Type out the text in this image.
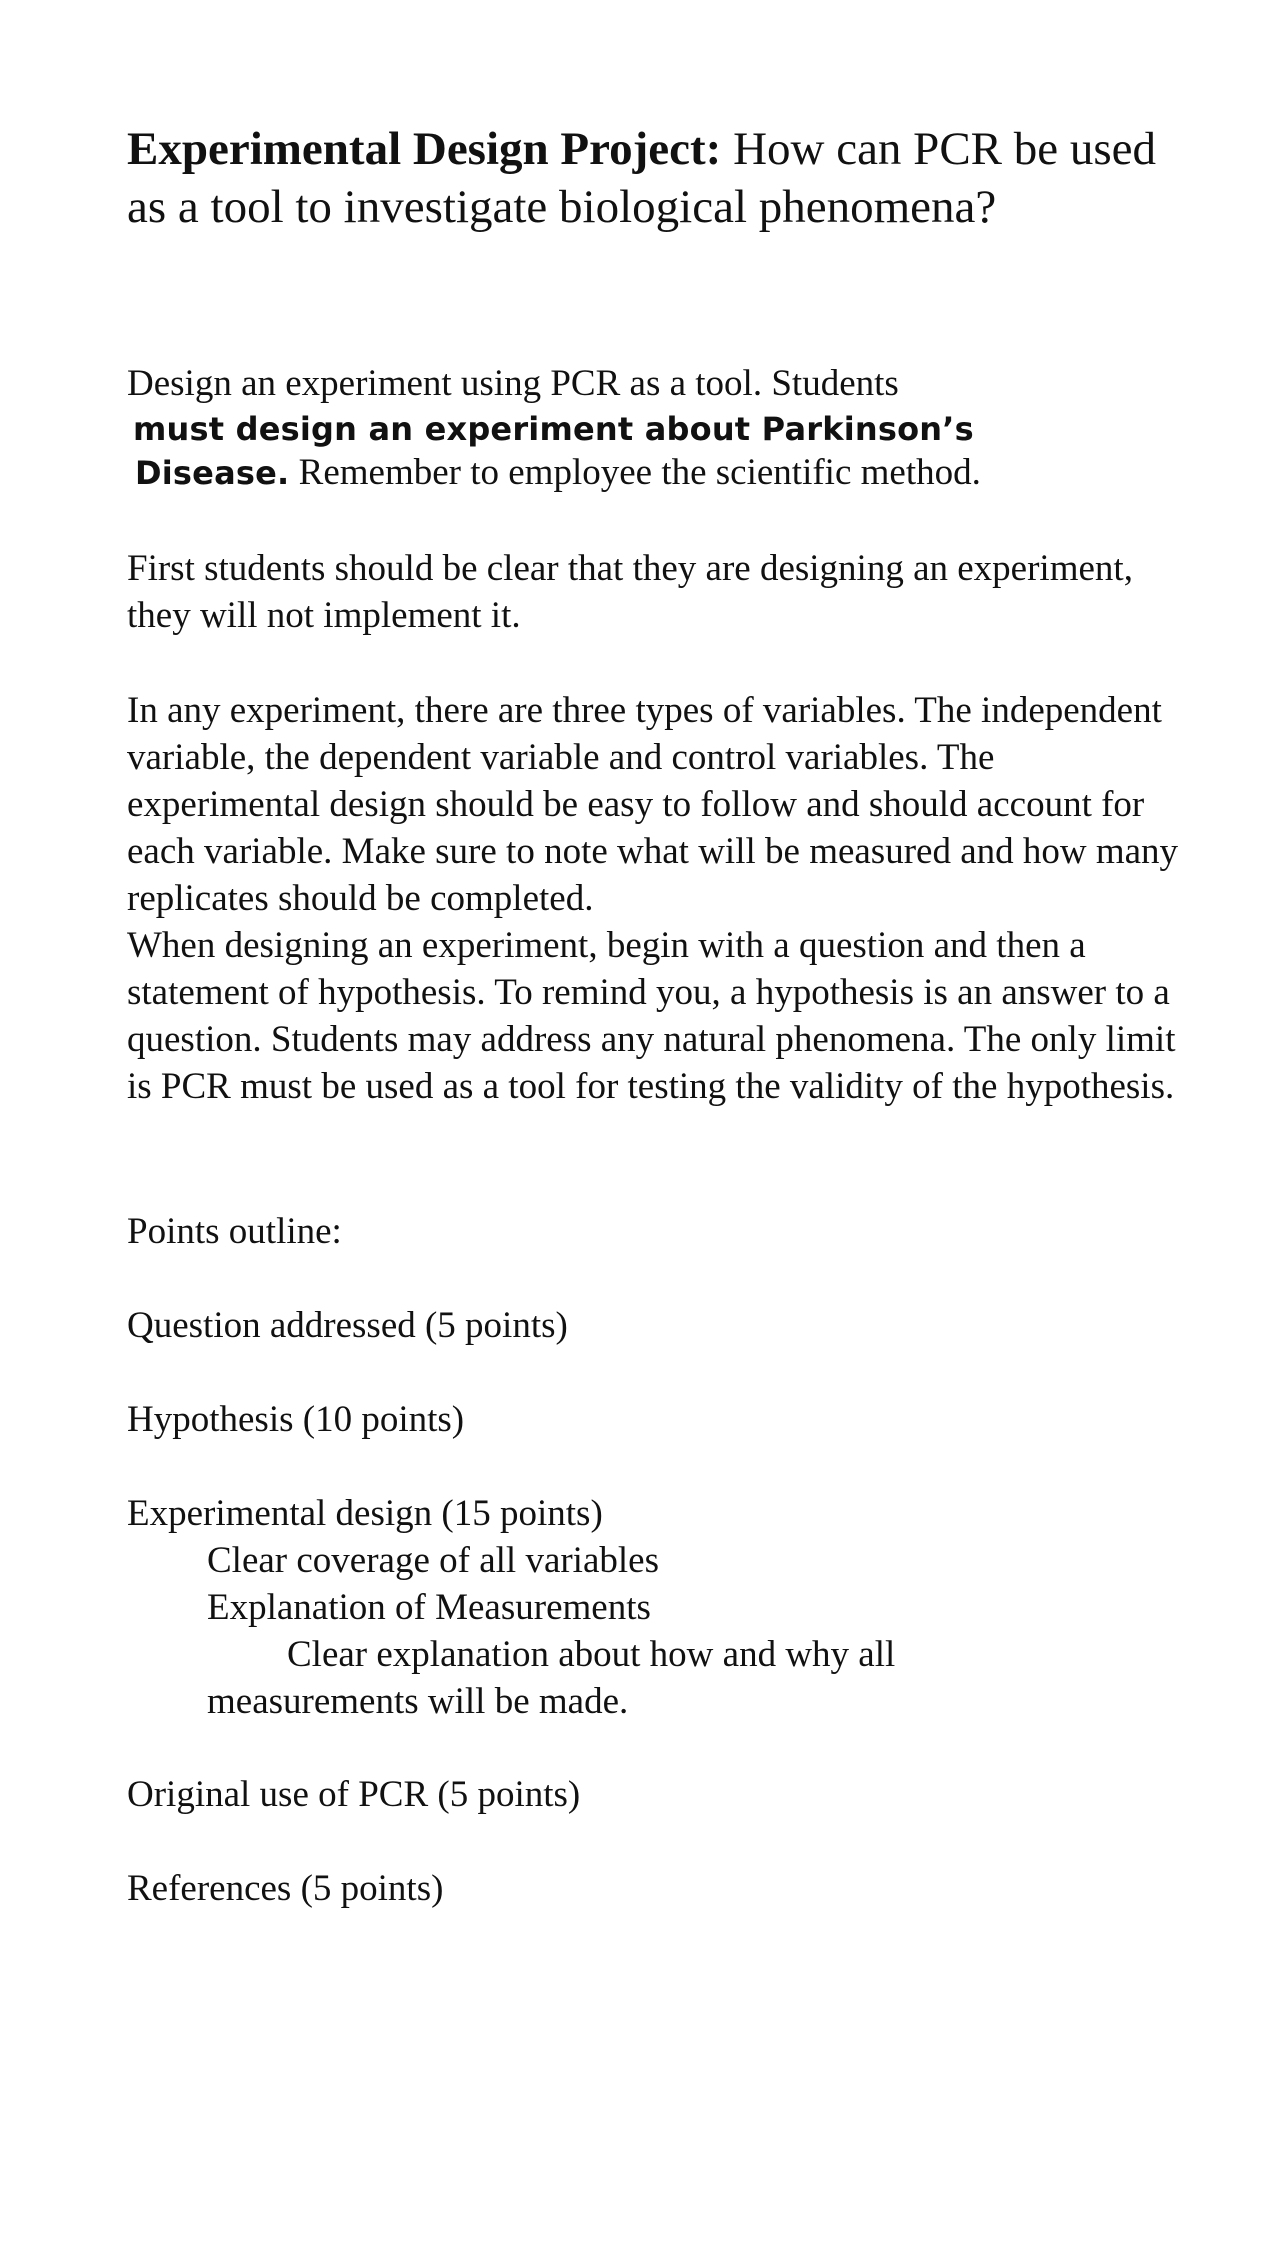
Experimental Design Project: How can PCR be used as a tool to investigate biological phenomena?

Design an experiment using PCR as a tool. Students

must design an experiment about Parkinson’s

Disease. Remember to employee the scientific method.

First students should be clear that they are designing an experiment, they will not implement it.

In any experiment, there are three types of variables. The independent variable, the dependent variable and control variables. The experimental design should be easy to follow and should account for each variable. Make sure to note what will be measured and how many replicates should be completed.

When designing an experiment, begin with a question and then a statement of hypothesis. To remind you, a hypothesis is an answer to a question. Students may address any natural phenomena. The only limit is PCR must be used as a tool for testing the validity of the hypothesis.

Points outline:

Question addressed (5 points)

Hypothesis (10 points)

Experimental design (15 points)

Clear coverage of all variables

Explanation of Measurements

Clear explanation about how and why all

measurements will be made.

Original use of PCR (5 points)

References (5 points)
